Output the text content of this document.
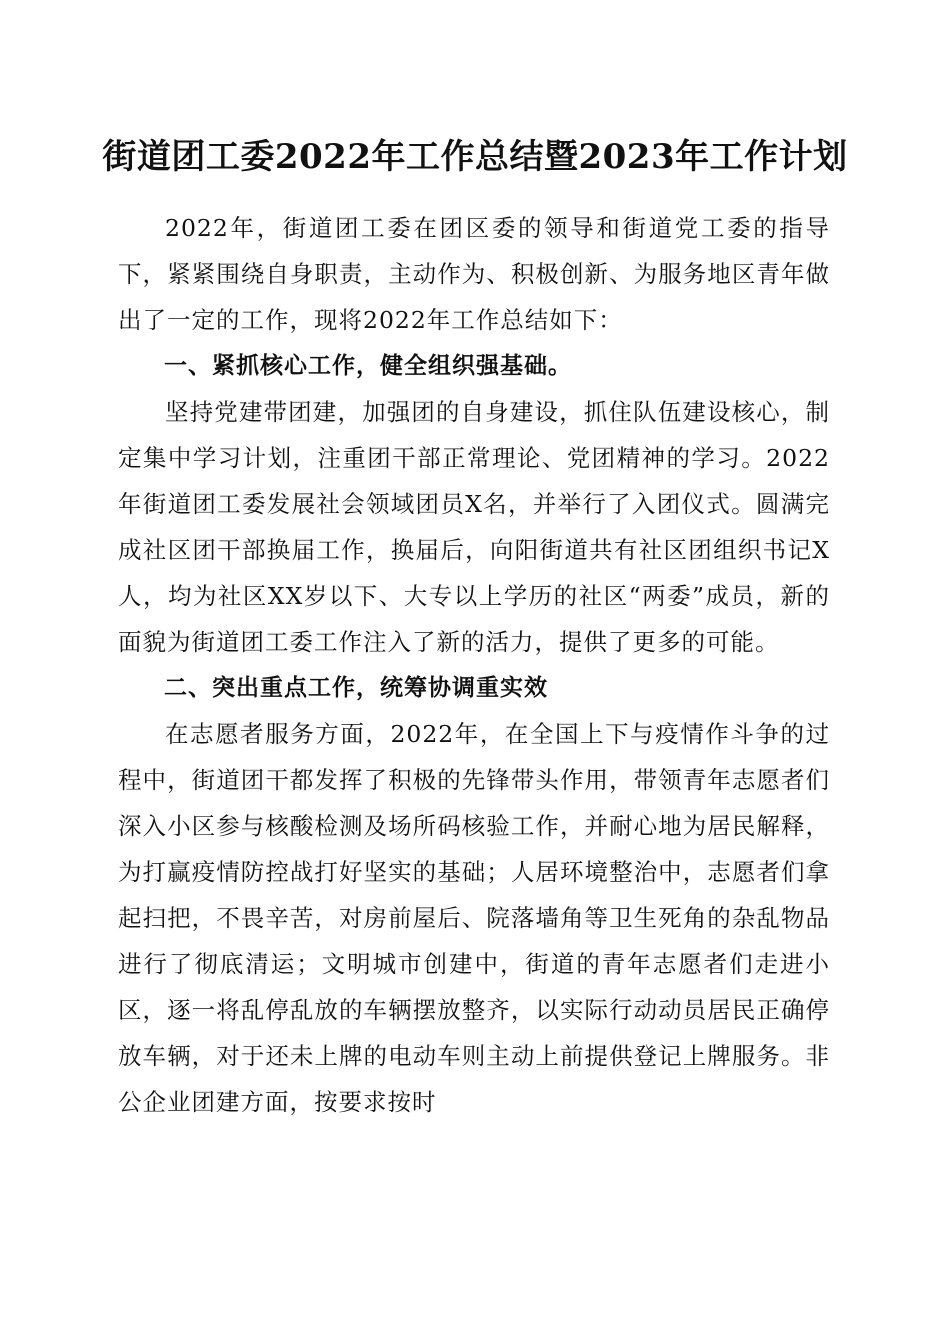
街道团工委2022年工作总结暨2023年工作计划

2022年，街道团工委在团区委的领导和街道党工委的指导下，紧紧围绕自身职责，主动作为、积极创新、为服务地区青年做出了一定的工作，现将2022年工作总结如下：

一、紧抓核心工作，健全组织强基础。

坚持党建带团建，加强团的自身建设，抓住队伍建设核心，制定集中学习计划，注重团干部正常理论、党团精神的学习。2022年街道团工委发展社会领域团员X名，并举行了入团仪式。圆满完成社区团干部换届工作，换届后，向阳街道共有社区团组织书记X人，均为社区XX岁以下、大专以上学历的社区“两委”成员，新的面貌为街道团工委工作注入了新的活力，提供了更多的可能。

二、突出重点工作，统筹协调重实效

在志愿者服务方面，2022年，在全国上下与疫情作斗争的过程中，街道团干都发挥了积极的先锋带头作用，带领青年志愿者们深入小区参与核酸检测及场所码核验工作，并耐心地为居民解释，为打赢疫情防控战打好坚实的基础；人居环境整治中，志愿者们拿起扫把，不畏辛苦，对房前屋后、院落墙角等卫生死角的杂乱物品进行了彻底清运；文明城市创建中，街道的青年志愿者们走进小区，逐一将乱停乱放的车辆摆放整齐，以实际行动动员居民正确停放车辆，对于还未上牌的电动车则主动上前提供登记上牌服务。非公企业团建方面，按要求按时
